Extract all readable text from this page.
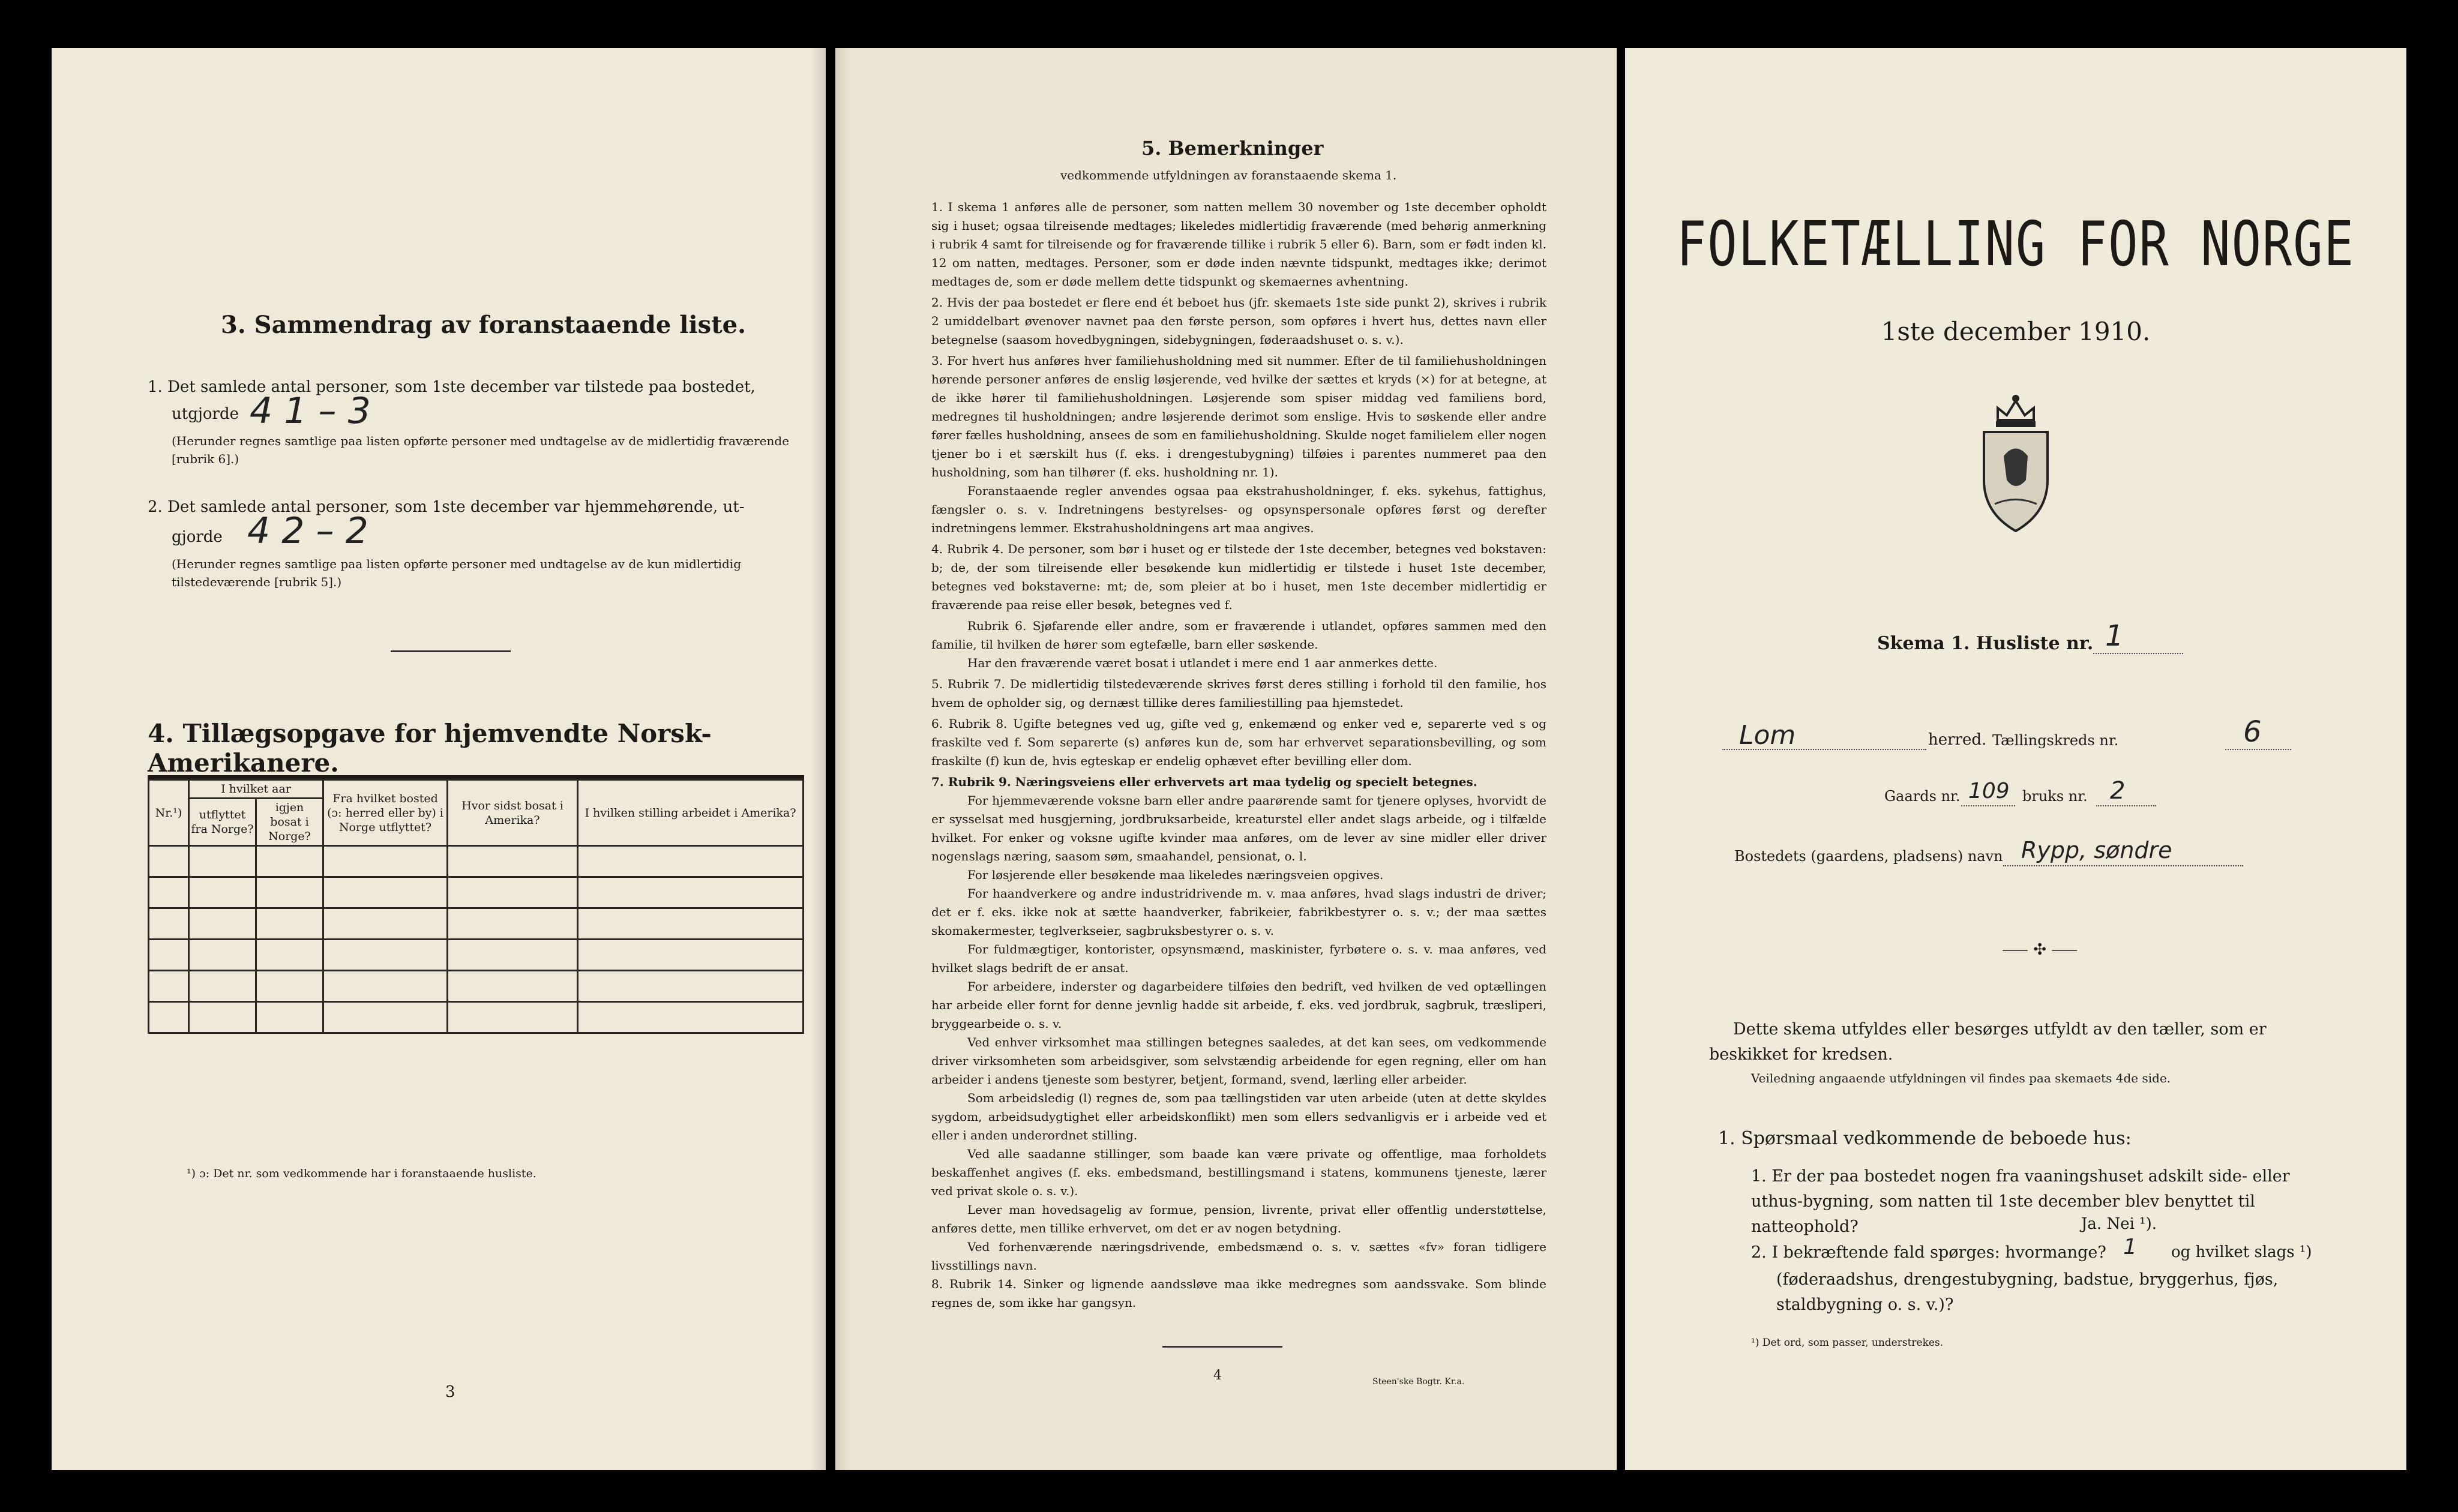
3. Sammendrag av foranstaaende liste.
1. Det samlede antal personer, som 1ste december var tilstede paa bostedet,
utgjorde 4 1 – 3
(Herunder regnes samtlige paa listen opførte personer med undtagelse av de midlertidig fraværende [rubrik 6].)
2. Det samlede antal personer, som 1ste december var hjemmehørende, ut-
gjorde 4 2 – 2
(Herunder regnes samtlige paa listen opførte personer med undtagelse av de kun midlertidig tilstedeværende [rubrik 5].)
4. Tillægsopgave for hjemvendte Norsk-Amerikanere.
Nr.¹)	I hvilket aar		Fra hvilket bosted (ɔ: herred eller by) i Norge utflyttet?	Hvor sidst bosat i Amerika?	I hvilken stilling arbeidet i Amerika?
	utflyttet fra Norge?	igjen bosat i Norge?			

¹) ɔ: Det nr. som vedkommende har i foranstaaende husliste.
3
5. Bemerkninger
vedkommende utfyldningen av foranstaaende skema 1.

1. I skema 1 anføres alle de personer, som natten mellem 30 november og 1ste december opholdt sig i huset; ogsaa tilreisende medtages; likeledes midlertidig fraværende (med behørig anmerkning i rubrik 4 samt for tilreisende og for fraværende tillike i rubrik 5 eller 6). Barn, som er født inden kl. 12 om natten, medtages. Personer, som er døde inden nævnte tidspunkt, medtages ikke; derimot medtages de, som er døde mellem dette tidspunkt og skemaernes avhentning.

2. Hvis der paa bostedet er flere end ét beboet hus (jfr. skemaets 1ste side punkt 2), skrives i rubrik 2 umiddelbart øvenover navnet paa den første person, som opføres i hvert hus, dettes navn eller betegnelse (saasom hovedbygningen, sidebygningen, føderaadshuset o. s. v.).

3. For hvert hus anføres hver familiehusholdning med sit nummer. Efter de til familiehusholdningen hørende personer anføres de enslig løsjerende, ved hvilke der sættes et kryds (×) for at betegne, at de ikke hører til familiehusholdningen. Løsjerende som spiser middag ved familiens bord, medregnes til husholdningen; andre løsjerende derimot som enslige. Hvis to søskende eller andre fører fælles husholdning, ansees de som en familiehusholdning. Skulde noget familielem eller nogen tjener bo i et særskilt hus (f. eks. i drengestubygning) tilføies i parentes nummeret paa den husholdning, som han tilhører (f. eks. husholdning nr. 1).

Foranstaaende regler anvendes ogsaa paa ekstrahusholdninger, f. eks. sykehus, fattighus, fængsler o. s. v. Indretningens bestyrelses- og opsynspersonale opføres først og derefter indretningens lemmer. Ekstrahusholdningens art maa angives.

4. Rubrik 4. De personer, som bør i huset og er tilstede der 1ste december, betegnes ved bokstaven: b; de, der som tilreisende eller besøkende kun midlertidig er tilstede i huset 1ste december, betegnes ved bokstaverne: mt; de, som pleier at bo i huset, men 1ste december midlertidig er fraværende paa reise eller besøk, betegnes ved f.

Rubrik 6. Sjøfarende eller andre, som er fraværende i utlandet, opføres sammen med den familie, til hvilken de hører som egtefælle, barn eller søskende.

Har den fraværende været bosat i utlandet i mere end 1 aar anmerkes dette.

5. Rubrik 7. De midlertidig tilstedeværende skrives først deres stilling i forhold til den familie, hos hvem de opholder sig, og dernæst tillike deres familiestilling paa hjemstedet.

6. Rubrik 8. Ugifte betegnes ved ug, gifte ved g, enkemænd og enker ved e, separerte ved s og fraskilte ved f. Som separerte (s) anføres kun de, som har erhvervet separationsbevilling, og som fraskilte (f) kun de, hvis egteskap er endelig ophævet efter bevilling eller dom.

7. Rubrik 9. Næringsveiens eller erhvervets art maa tydelig og specielt betegnes.

For hjemmeværende voksne barn eller andre paarørende samt for tjenere oplyses, hvorvidt de er sysselsat med husgjerning, jordbruksarbeide, kreaturstel eller andet slags arbeide, og i tilfælde hvilket. For enker og voksne ugifte kvinder maa anføres, om de lever av sine midler eller driver nogenslags næring, saasom søm, smaahandel, pensionat, o. l.

For løsjerende eller besøkende maa likeledes næringsveien opgives.

For haandverkere og andre industridrivende m. v. maa anføres, hvad slags industri de driver; det er f. eks. ikke nok at sætte haandverker, fabrikeier, fabrikbestyrer o. s. v.; der maa sættes skomakermester, teglverkseier, sagbruksbestyrer o. s. v.

For fuldmægtiger, kontorister, opsynsmænd, maskinister, fyrbøtere o. s. v. maa anføres, ved hvilket slags bedrift de er ansat.

For arbeidere, inderster og dagarbeidere tilføies den bedrift, ved hvilken de ved optællingen har arbeide eller fornt for denne jevnlig hadde sit arbeide, f. eks. ved jordbruk, sagbruk, træsliperi, bryggearbeide o. s. v.

Ved enhver virksomhet maa stillingen betegnes saaledes, at det kan sees, om vedkommende driver virksomheten som arbeidsgiver, som selvstændig arbeidende for egen regning, eller om han arbeider i andens tjeneste som bestyrer, betjent, formand, svend, lærling eller arbeider.

Som arbeidsledig (l) regnes de, som paa tællingstiden var uten arbeide (uten at dette skyldes sygdom, arbeidsudygtighet eller arbeidskonflikt) men som ellers sedvanligvis er i arbeide ved et eller i anden underordnet stilling.

Ved alle saadanne stillinger, som baade kan være private og offentlige, maa forholdets beskaffenhet angives (f. eks. embedsmand, bestillingsmand i statens, kommunens tjeneste, lærer ved privat skole o. s. v.).

Lever man hovedsagelig av formue, pension, livrente, privat eller offentlig understøttelse, anføres dette, men tillike erhvervet, om det er av nogen betydning.

Ved forhenværende næringsdrivende, embedsmænd o. s. v. sættes «fv» foran tidligere livsstillings navn.

8. Rubrik 14. Sinker og lignende aandssløve maa ikke medregnes som aandssvake. Som blinde regnes de, som ikke har gangsyn.

4	Steen'ske Bogtr. Kr.a.
FOLKETÆLLING FOR NORGE
1ste december 1910.
Skema 1. Husliste nr. 1
Lom	herred. Tællingskreds nr.	6
Gaards nr. 109 bruks nr. 2
Bostedets (gaardens, pladsens) navn Rypp, søndre
⸺ ✣ ⸺
Dette skema utfyldes eller besørges utfyldt av den tæller, som er beskikket for kredsen.
Veiledning angaaende utfyldningen vil findes paa skemaets 4de side.
1. Spørsmaal vedkommende de beboede hus:
1. Er der paa bostedet nogen fra vaaningshuset adskilt side- eller uthus-bygning, som natten til 1ste december blev benyttet til natteophold?	Ja. Nei ¹).
2. I bekræftende fald spørges: hvormange? 1 og hvilket slags ¹)
(føderaadshus, drengestubygning, badstue, bryggerhus, fjøs, staldbygning o. s. v.)?
¹) Det ord, som passer, understrekes.
